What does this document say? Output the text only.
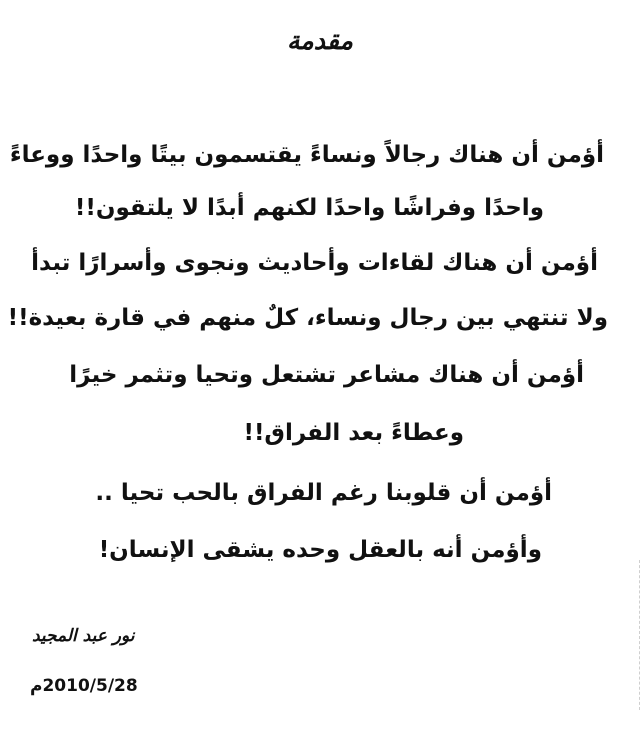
مقدمة
أؤمن أن هناك رجالاً ونساءً يقتسمون بيتًا واحدًا ووعاءً
واحدًا وفراشًا واحدًا لكنهم أبدًا لا يلتقون!!
أؤمن أن هناك لقاءات وأحاديث ونجوى وأسرارًا تبدأ
ولا تنتهي بين رجال ونساء، كلٌ منهم في قارة بعيدة!!
أؤمن أن هناك مشاعر تشتعل وتحيا وتثمر خيرًا
وعطاءً بعد الفراق!!
أؤمن أن قلوبنا رغم الفراق بالحب تحيا ..
وأؤمن أنه بالعقل وحده يشقى الإنسان!
نور عبد المجيد
2010/5/28م
